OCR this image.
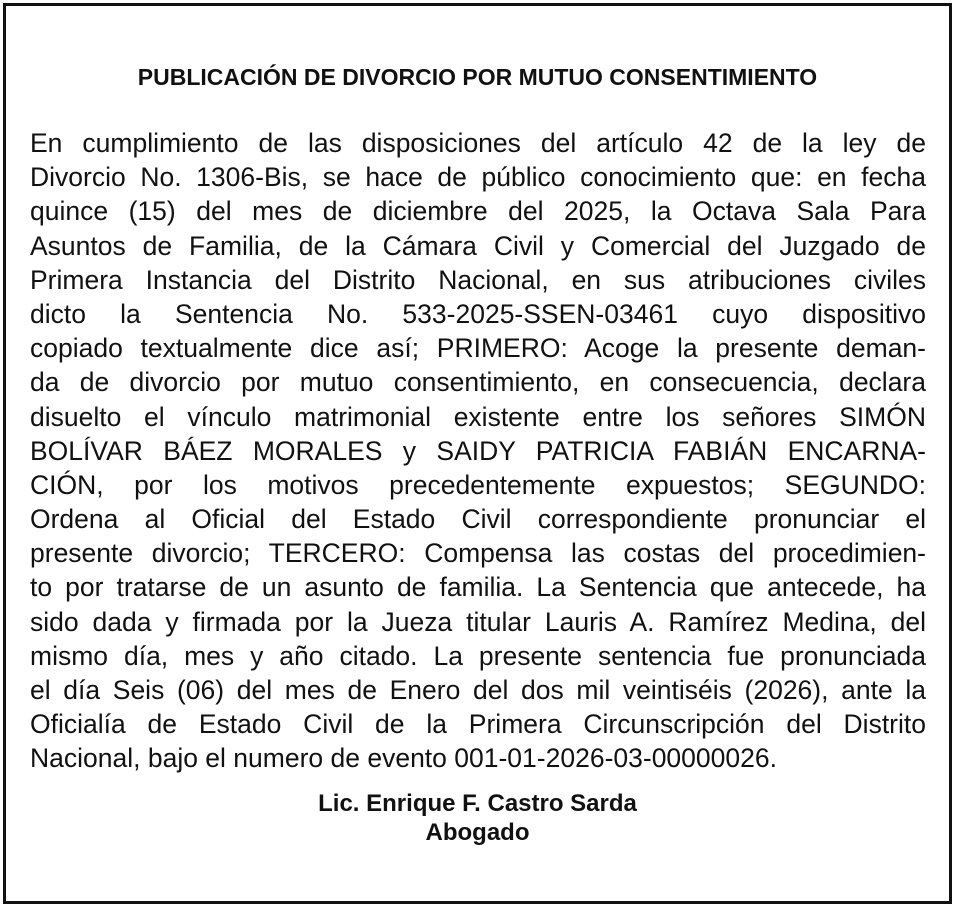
PUBLICACIÓN DE DIVORCIO POR MUTUO CONSENTIMIENTO
En cumplimiento de las disposiciones del artículo 42 de la ley de
Divorcio No. 1306-Bis, se hace de público conocimiento que: en fecha
quince (15) del mes de diciembre del 2025, la Octava Sala Para
Asuntos de Familia, de la Cámara Civil y Comercial del Juzgado de
Primera Instancia del Distrito Nacional, en sus atribuciones civiles
dicto la Sentencia No. 533-2025-SSEN-03461 cuyo dispositivo
copiado textualmente dice así; PRIMERO: Acoge la presente deman-
da de divorcio por mutuo consentimiento, en consecuencia, declara
disuelto el vínculo matrimonial existente entre los señores SIMÓN
BOLÍVAR BÁEZ MORALES y SAIDY PATRICIA FABIÁN ENCARNA-
CIÓN, por los motivos precedentemente expuestos; SEGUNDO:
Ordena al Oficial del Estado Civil correspondiente pronunciar el
presente divorcio; TERCERO: Compensa las costas del procedimien-
to por tratarse de un asunto de familia. La Sentencia que antecede, ha
sido dada y firmada por la Jueza titular Lauris A. Ramírez Medina, del
mismo día, mes y año citado. La presente sentencia fue pronunciada
el día Seis (06) del mes de Enero del dos mil veintiséis (2026), ante la
Oficialía de Estado Civil de la Primera Circunscripción del Distrito
Nacional, bajo el numero de evento 001-01-2026-03-00000026.
Lic. Enrique F. Castro Sarda
Abogado
